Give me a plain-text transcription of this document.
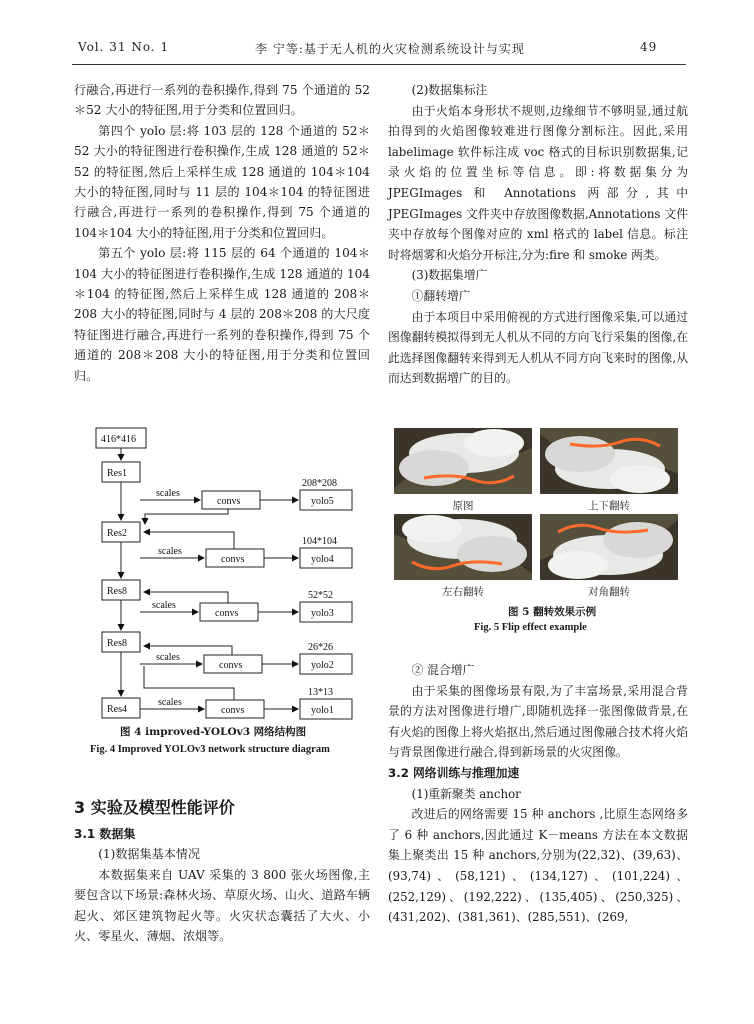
Vol. 31 No. 1	李 宁等:基于无人机的火灾检测系统设计与实现	49

行融合,再进行一系列的卷积操作,得到 75 个通道的 52＊52 大小的特征图,用于分类和位置回归。

第四个 yolo 层:将 103 层的 128 个通道的 52＊52 大小的特征图进行卷积操作,生成 128 通道的 52＊52 的特征图,然后上采样生成 128 通道的 104＊104 大小的特征图,同时与 11 层的 104＊104 的特征图进行融合,再进行一系列的卷积操作,得到 75 个通道的 104＊104 大小的特征图,用于分类和位置回归。

第五个 yolo 层:将 115 层的 64 个通道的 104＊104 大小的特征图进行卷积操作,生成 128 通道的 104＊104 的特征图,然后上采样生成 128 通道的 208＊208 大小的特征图,同时与 4 层的 208＊208 的大尺度特征图进行融合,再进行一系列的卷积操作,得到 75 个通道的 208＊208 大小的特征图,用于分类和位置回归。

416*416
Res1
Res2
Res8
Res8
Res4
scales
scales
scales
scales
scales
convs
convs
convs
convs
convs
yolo5
yolo4
yolo3
yolo2
yolo1
208*208
104*104
52*52
26*26
13*13
图 4 improved-YOLOv3 网络结构图
Fig. 4 Improved YOLOv3 network structure diagram
3 实验及模型性能评价
3.1 数据集

(1)数据集基本情况

本数据集来自 UAV 采集的 3 800 张火场图像,主要包含以下场景:森林火场、草原火场、山火、道路车辆起火、郊区建筑物起火等。火灾状态囊括了大火、小火、零星火、薄烟、浓烟等。

(2)数据集标注

由于火焰本身形状不规则,边缘细节不够明显,通过航拍得到的火焰图像较难进行图像分割标注。因此,采用 labelimage 软件标注成 voc 格式的目标识别数据集,记录火焰的位置坐标等信息。即:将数据集分为 JPEGImages 和 Annotations 两部分,其中 JPEGImages 文件夹中存放图像数据,Annotations 文件夹中存放每个图像对应的 xml 格式的 label 信息。标注时将烟雾和火焰分开标注,分为:fire 和 smoke 两类。

(3)数据集增广

①翻转增广

由于本项目中采用俯视的方式进行图像采集,可以通过图像翻转模拟得到无人机从不同的方向飞行采集的图像,在此选择图像翻转来得到无人机从不同方向飞来时的图像,从而达到数据增广的目的。

原图	上下翻转
左右翻转	对角翻转
图 5 翻转效果示例
Fig. 5 Flip effect example

② 混合增广

由于采集的图像场景有限,为了丰富场景,采用混合背景的方法对图像进行增广,即随机选择一张图像做背景,在有火焰的图像上将火焰抠出,然后通过图像融合技术将火焰与背景图像进行融合,得到新场景的火灾图像。

3.2 网络训练与推理加速

(1)重新聚类 anchor

改进后的网络需要 15 种 anchors ,比原生态网络多了 6 种 anchors,因此通过 K－means 方法在本文数据集上聚类出 15 种 anchors,分别为(22,32)、(39,63)、(93,74)、(58,121)、(134,127)、(101,224)、(252,129)、(192,222)、(135,405)、(250,325)、(431,202)、(381,361)、(285,551)、(269,
